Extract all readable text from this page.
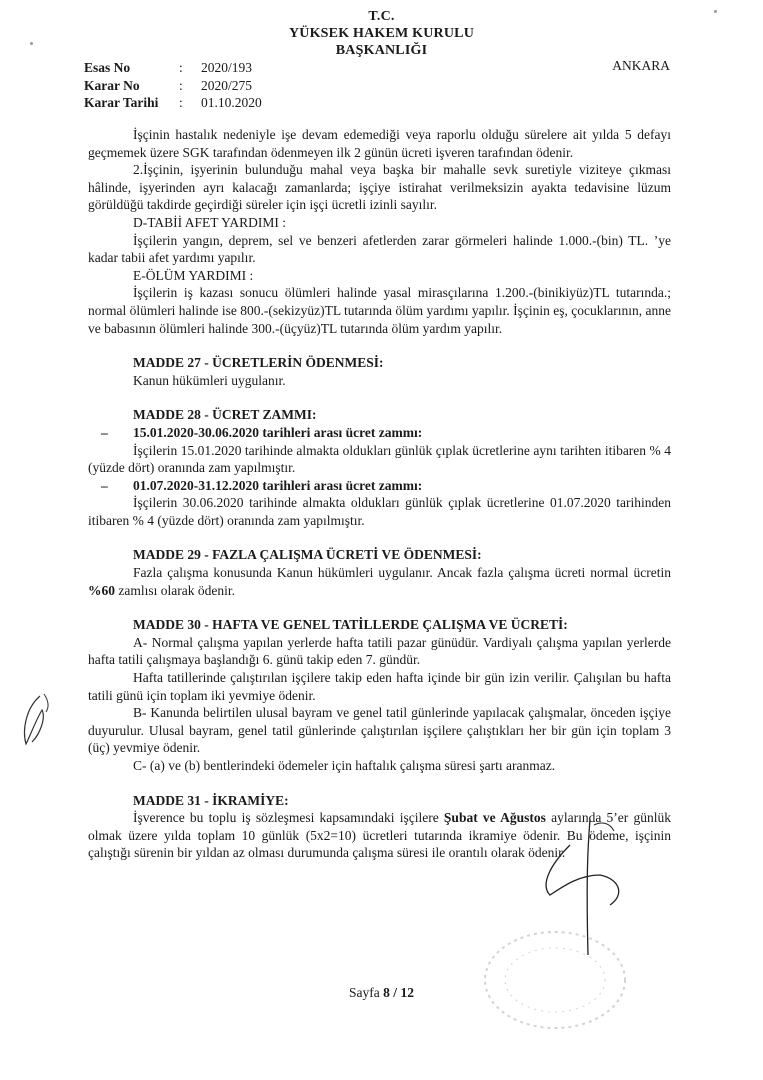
T.C.
YÜKSEK HAKEM KURULU
BAŞKANLIĞI
Esas No	:	2020/193
Karar No	:	2020/275
Karar Tarihi	:	01.10.2020
ANKARA

İşçinin hastalık nedeniyle işe devam edemediği veya raporlu olduğu sürelere ait yılda 5 defayı geçmemek üzere SGK tarafından ödenmeyen ilk 2 günün ücreti işveren tarafından ödenir.

2.İşçinin, işyerinin bulunduğu mahal veya başka bir mahalle sevk suretiyle viziteye çıkması hâlinde, işyerinden ayrı kalacağı zamanlarda; işçiye istirahat verilmeksizin ayakta tedavisine lüzum görüldüğü takdirde geçirdiği süreler için işçi ücretli izinli sayılır.

D-TABİİ AFET YARDIMI :

İşçilerin yangın, deprem, sel ve benzeri afetlerden zarar görmeleri halinde 1.000.-(bin) TL. ’ye kadar tabii afet yardımı yapılır.

E-ÖLÜM YARDIMI :

İşçilerin iş kazası sonucu ölümleri halinde yasal mirasçılarına 1.200.-(binikiyüz)TL tutarında.; normal ölümleri halinde ise 800.-(sekizyüz)TL tutarında ölüm yardımı yapılır. İşçinin eş, çocuklarının, anne ve babasının ölümleri halinde 300.-(üçyüz)TL tutarında ölüm yardım yapılır.

MADDE 27 - ÜCRETLERİN ÖDENMESİ:

Kanun hükümleri uygulanır.

MADDE 28 - ÜCRET ZAMMI:

–	15.01.2020-30.06.2020 tarihleri arası ücret zammı:

İşçilerin 15.01.2020 tarihinde almakta oldukları günlük çıplak ücretlerine aynı tarihten itibaren % 4 (yüzde dört) oranında zam yapılmıştır.

–	01.07.2020-31.12.2020 tarihleri arası ücret zammı:

İşçilerin 30.06.2020 tarihinde almakta oldukları günlük çıplak ücretlerine 01.07.2020 tarihinden itibaren % 4 (yüzde dört) oranında zam yapılmıştır.

MADDE 29 - FAZLA ÇALIŞMA ÜCRETİ VE ÖDENMESİ:

Fazla çalışma konusunda Kanun hükümleri uygulanır. Ancak fazla çalışma ücreti normal ücretin %60 zamlısı olarak ödenir.

MADDE 30 - HAFTA VE GENEL TATİLLERDE ÇALIŞMA VE ÜCRETİ:

A- Normal çalışma yapılan yerlerde hafta tatili pazar günüdür. Vardiyalı çalışma yapılan yerlerde hafta tatili çalışmaya başlandığı 6. günü takip eden 7. gündür.

Hafta tatillerinde çalıştırılan işçilere takip eden hafta içinde bir gün izin verilir. Çalışılan bu hafta tatili günü için toplam iki yevmiye ödenir.

B- Kanunda belirtilen ulusal bayram ve genel tatil günlerinde yapılacak çalışmalar, önceden işçiye duyurulur. Ulusal bayram, genel tatil günlerinde çalıştırılan işçilere çalıştıkları her bir gün için toplam 3 (üç) yevmiye ödenir.

C- (a) ve (b) bentlerindeki ödemeler için haftalık çalışma süresi şartı aranmaz.

MADDE 31 - İKRAMİYE:

İşverence bu toplu iş sözleşmesi kapsamındaki işçilere Şubat ve Ağustos aylarında 5’er günlük olmak üzere yılda toplam 10 günlük (5x2=10) ücretleri tutarında ikramiye ödenir. Bu ödeme, işçinin çalıştığı sürenin bir yıldan az olması durumunda çalışma süresi ile orantılı olarak ödenir.

Sayfa 8 / 12
